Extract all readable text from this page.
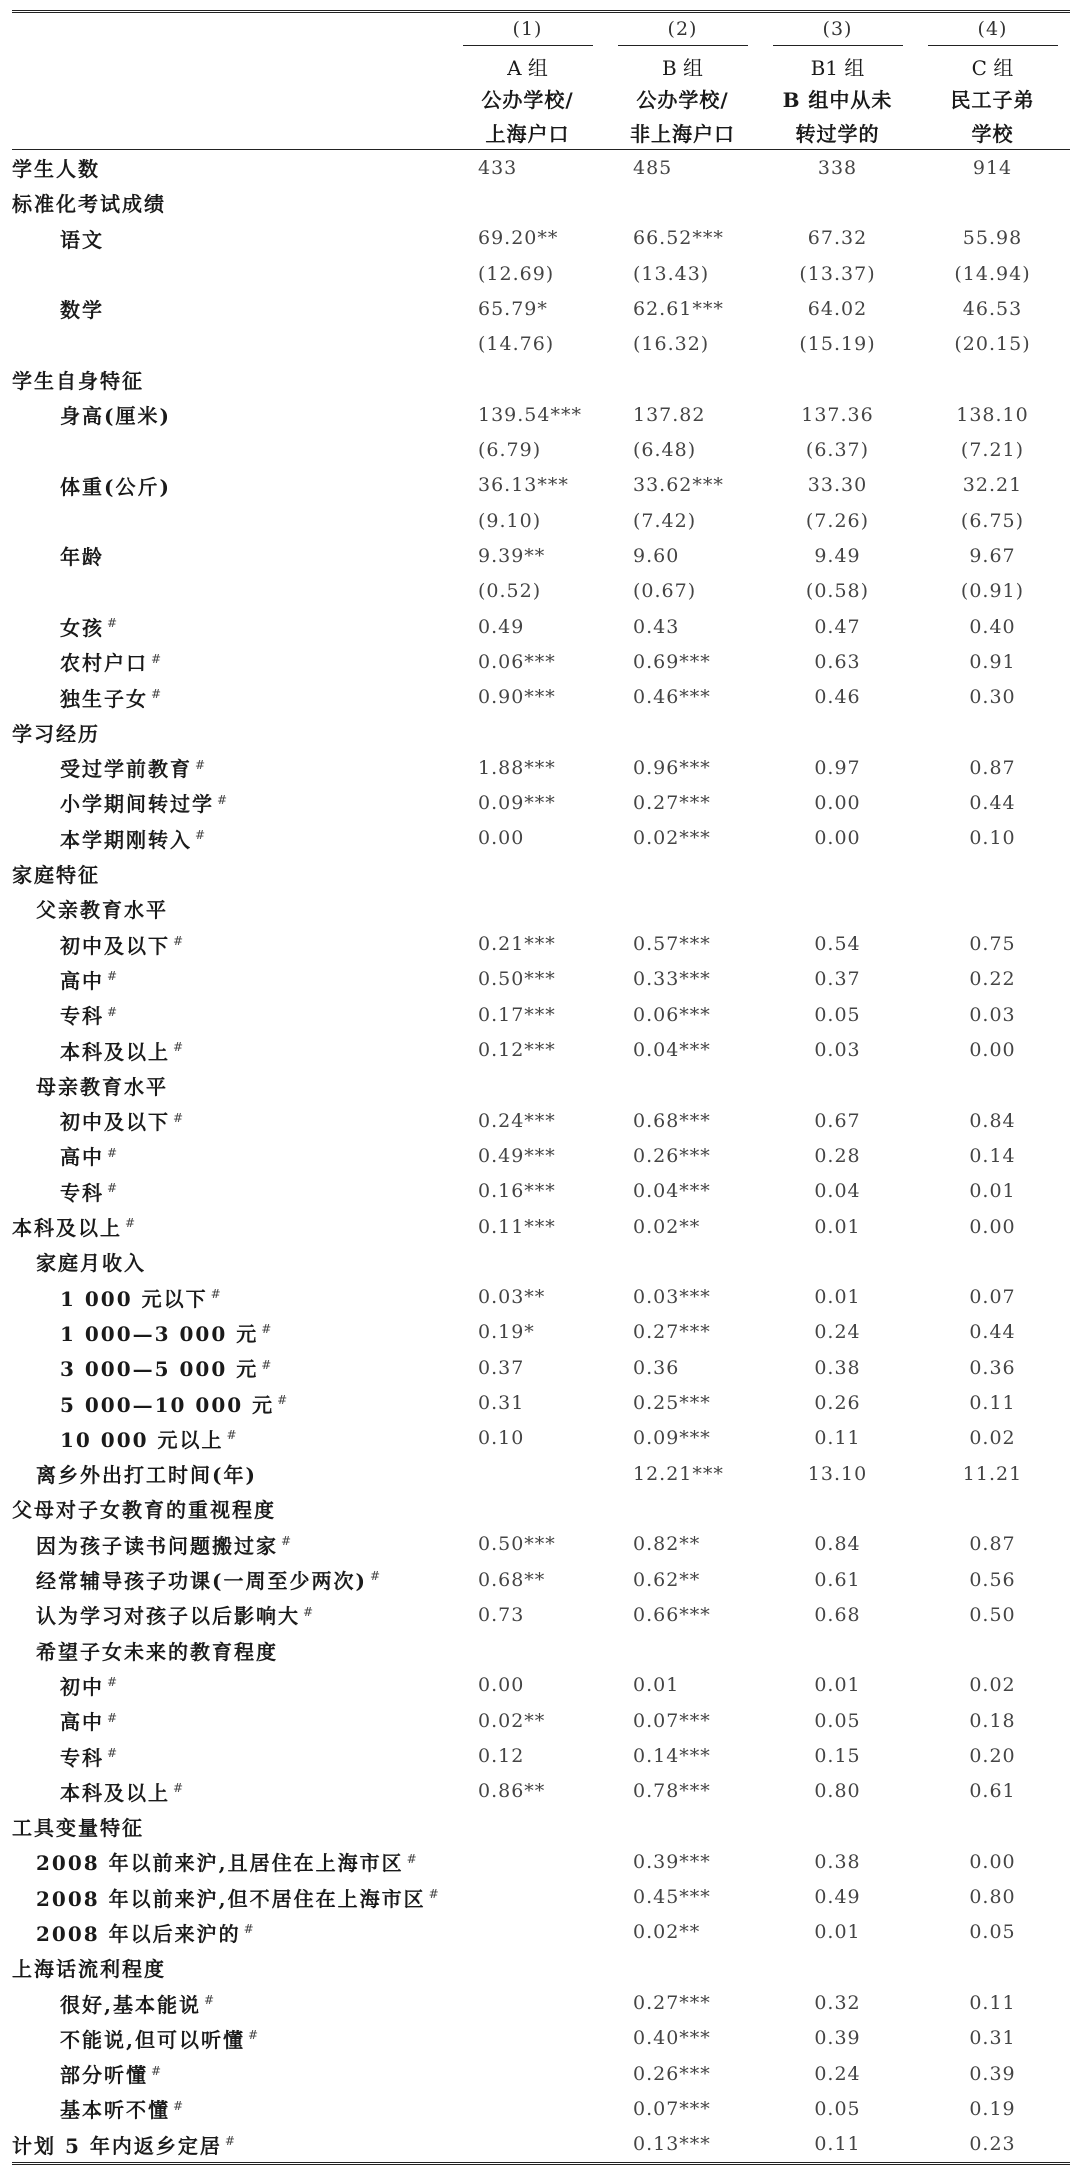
	(1)	(2)	(3)	(4)
	A 组	B 组	B1 组	C 组
	公办学校/	公办学校/	B 组中从未	民工子弟
	上海户口	非上海户口	转过学的	学校
学生人数	433	485	338	914
标准化考试成绩				
语文	69.20**	66.52***	67.32	55.98
	(12.69)	(13.43)	(13.37)	(14.94)
数学	65.79*	62.61***	64.02	46.53
	(14.76)	(16.32)	(15.19)	(20.15)
学生自身特征				
身高(厘米)	139.54***	137.82	137.36	138.10
	(6.79)	(6.48)	(6.37)	(7.21)
体重(公斤)	36.13***	33.62***	33.30	32.21
	(9.10)	(7.42)	(7.26)	(6.75)
年龄	9.39**	9.60	9.49	9.67
	(0.52)	(0.67)	(0.58)	(0.91)
女孩 #	0.49	0.43	0.47	0.40
农村户口 #	0.06***	0.69***	0.63	0.91
独生子女 #	0.90***	0.46***	0.46	0.30
学习经历				
受过学前教育 #	1.88***	0.96***	0.97	0.87
小学期间转过学 #	0.09***	0.27***	0.00	0.44
本学期刚转入 #	0.00	0.02***	0.00	0.10
家庭特征				
父亲教育水平				
初中及以下 #	0.21***	0.57***	0.54	0.75
高中 #	0.50***	0.33***	0.37	0.22
专科 #	0.17***	0.06***	0.05	0.03
本科及以上 #	0.12***	0.04***	0.03	0.00
母亲教育水平				
初中及以下 #	0.24***	0.68***	0.67	0.84
高中 #	0.49***	0.26***	0.28	0.14
专科 #	0.16***	0.04***	0.04	0.01
本科及以上 #	0.11***	0.02**	0.01	0.00
家庭月收入				
1 000 元以下 #	0.03**	0.03***	0.01	0.07
1 000—3 000 元 #	0.19*	0.27***	0.24	0.44
3 000—5 000 元 #	0.37	0.36	0.38	0.36
5 000—10 000 元 #	0.31	0.25***	0.26	0.11
10 000 元以上 #	0.10	0.09***	0.11	0.02
离乡外出打工时间(年)		12.21***	13.10	11.21
父母对子女教育的重视程度				
因为孩子读书问题搬过家 #	0.50***	0.82**	0.84	0.87
经常辅导孩子功课(一周至少两次) #	0.68**	0.62**	0.61	0.56
认为学习对孩子以后影响大 #	0.73	0.66***	0.68	0.50
希望子女未来的教育程度				
初中 #	0.00	0.01	0.01	0.02
高中 #	0.02**	0.07***	0.05	0.18
专科 #	0.12	0.14***	0.15	0.20
本科及以上 #	0.86**	0.78***	0.80	0.61
工具变量特征				
2008 年以前来沪,且居住在上海市区 #		0.39***	0.38	0.00
2008 年以前来沪,但不居住在上海市区 #		0.45***	0.49	0.80
2008 年以后来沪的 #		0.02**	0.01	0.05
上海话流利程度				
很好,基本能说 #		0.27***	0.32	0.11
不能说,但可以听懂 #		0.40***	0.39	0.31
部分听懂 #		0.26***	0.24	0.39
基本听不懂 #		0.07***	0.05	0.19
计划 5 年内返乡定居 #		0.13***	0.11	0.23
